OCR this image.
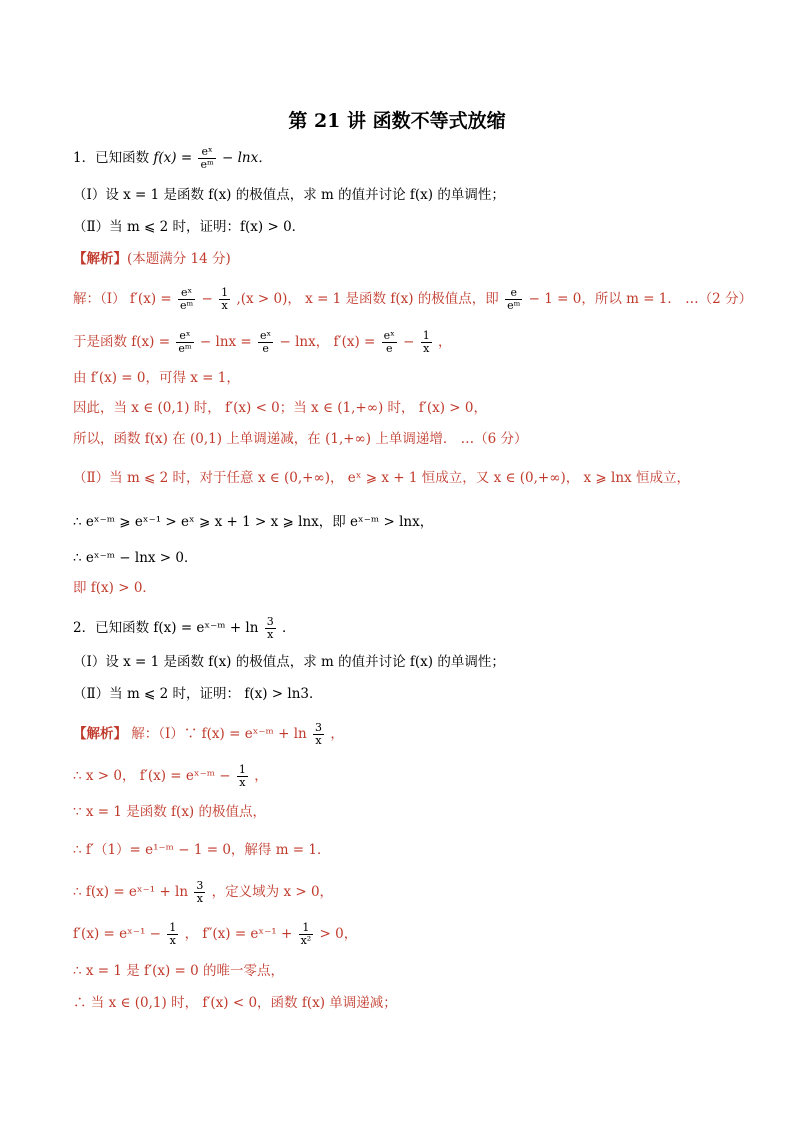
第 21 讲 函数不等式放缩
1．已知函数 $f(x) = \frac{\text{eˣ}}{\text{eᵐ}} - \ln x$．
（Ⅰ）设 x = 1 是函数 f(x) 的极值点，求 m 的值并讨论 f(x) 的单调性；
（Ⅱ）当 m ⩽ 2 时，证明：f(x) > 0．
【解析】(本题满分 14 分)
解：（Ⅰ） $f'(x) = \frac{\text{eˣ}}{\text{eᵐ}} - \frac{1}{x} ,(x > 0)$， x = 1 是函数 f(x) 的极值点，即 $\frac{e}{\text{eᵐ}} - 1 = 0$，所以 m = 1． …（2 分）
于是函数 $f(x) = \frac{\text{eˣ}}{\text{eᵐ}} - \ln x = \frac{\text{eˣ}}{e} - \ln x$， $f'(x) = \frac{\text{eˣ}}{e} - \frac{1}{x}$ ，
由 f′(x) = 0，可得 x = 1，
因此，当 x ∈ (0,1) 时， f′(x) < 0；当 x ∈ (1,+∞) 时， f′(x) > 0，
所以，函数 f(x) 在 (0,1) 上单调递减，在 (1,+∞) 上单调递增． …（6 分）
（Ⅱ）当 m ⩽ 2 时，对于任意 x ∈ (0,+∞)， eˣ ⩾ x + 1 恒成立，又 x ∈ (0,+∞)， x ⩾ lnx 恒成立，
∴ eˣ⁻ᵐ ⩾ eˣ⁻¹ > eˣ ⩾ x + 1 > x ⩾ lnx，即 eˣ⁻ᵐ > lnx，
∴ eˣ⁻ᵐ − lnx > 0．
即 f(x) > 0．
2．已知函数 f(x) = eˣ⁻ᵐ + $\ln \frac{3}{x}$ ．
（Ⅰ）设 x = 1 是函数 f(x) 的极值点，求 m 的值并讨论 f(x) 的单调性；
（Ⅱ）当 m ⩽ 2 时，证明： f(x) > ln3．
【解析】 解：（Ⅰ）∵ f(x) = eˣ⁻ᵐ + $\ln \frac{3}{x}$ ，
∴ x > 0， f′(x) = eˣ⁻ᵐ − $\frac{1}{x}$ ，
∵ x = 1 是函数 f(x) 的极值点，
∴ f′（1）= e¹⁻ᵐ − 1 = 0，解得 m = 1．
∴ f(x) = eˣ⁻¹ + $\ln \frac{3}{x}$ ，定义域为 x > 0，
f′(x) = eˣ⁻¹ − $\frac{1}{x}$ ， f″(x) = eˣ⁻¹ + $\frac{1}{\text{x²}} > 0$，
∴ x = 1 是 f′(x) = 0 的唯一零点，
∴ 当 x ∈ (0,1) 时， f′(x) < 0，函数 f(x) 单调递减；
